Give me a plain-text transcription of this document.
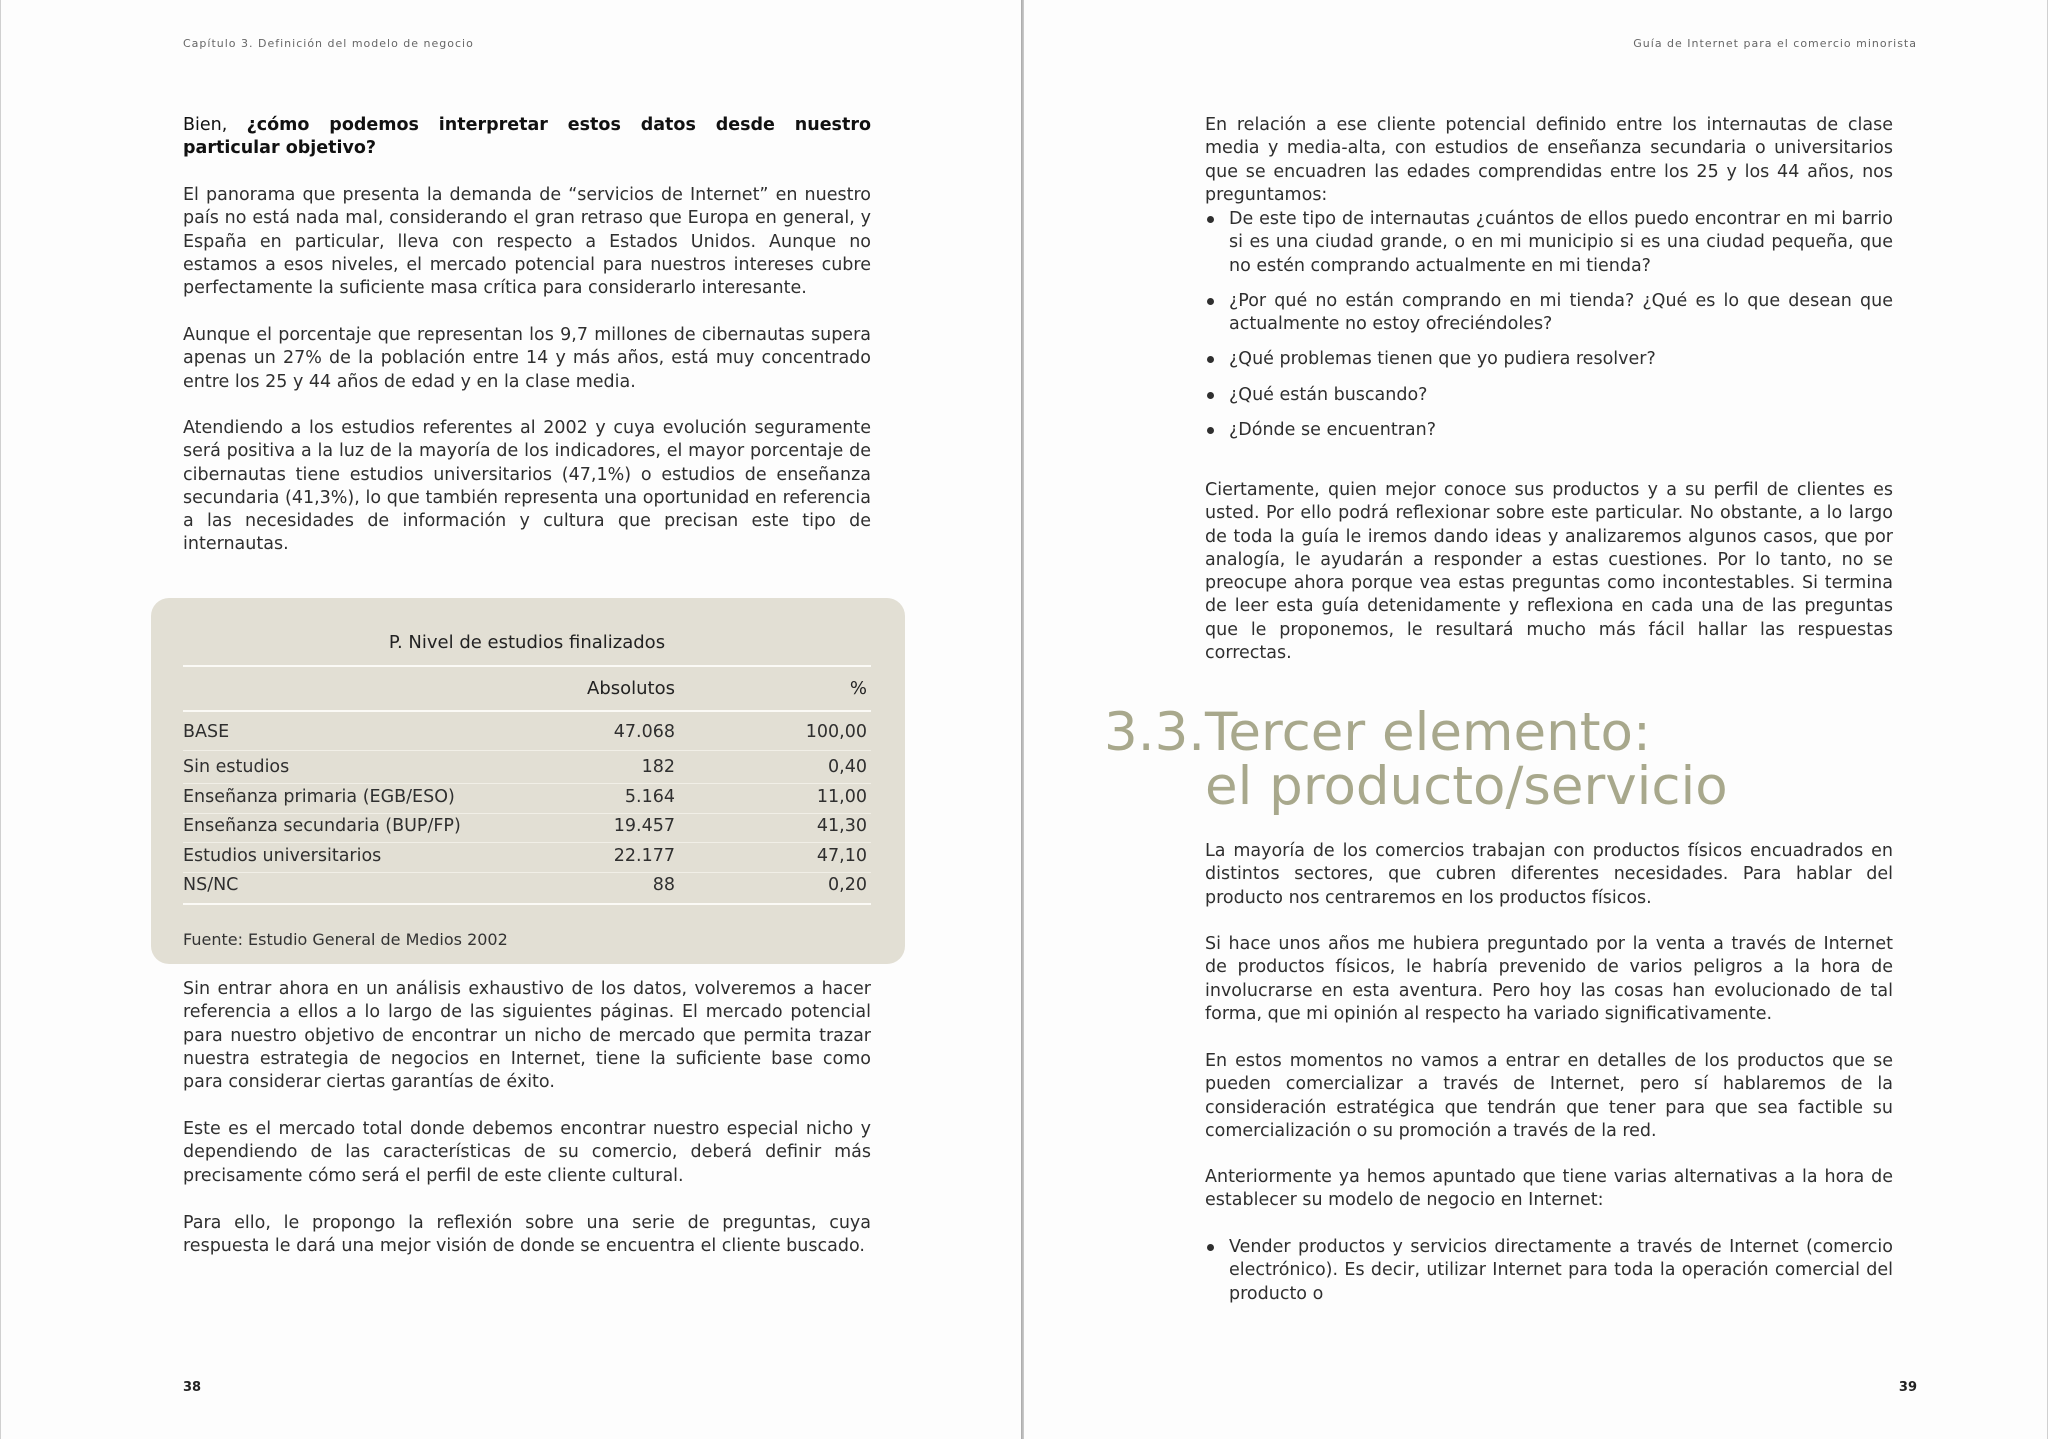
Capítulo 3. Definición del modelo de negocio

Bien, ¿cómo podemos interpretar estos datos desde nuestro particular objetivo?

El panorama que presenta la demanda de “servicios de Internet” en nuestro país no está nada mal, considerando el gran retraso que Europa en general, y España en particular, lleva con respecto a Estados Unidos. Aunque no estamos a esos niveles, el mercado potencial para nuestros intereses cubre perfectamente la suficiente masa crítica para considerarlo interesante.

Aunque el porcentaje que representan los 9,7 millones de cibernautas supera apenas un 27% de la población entre 14 y más años, está muy concentrado entre los 25 y 44 años de edad y en la clase media.

Atendiendo a los estudios referentes al 2002 y cuya evolución seguramente será positiva a la luz de la mayoría de los indicadores, el mayor porcentaje de cibernautas tiene estudios universitarios (47,1%) o estudios de enseñanza secundaria (41,3%), lo que también representa una oportunidad en referencia a las necesidades de información y cultura que precisan este tipo de internautas.

P. Nivel de estudios finalizados
Absolutos	%
BASE	47.068	100,00
Sin estudios	182	0,40
Enseñanza primaria (EGB/ESO)	5.164	11,00
Enseñanza secundaria (BUP/FP)	19.457	41,30
Estudios universitarios	22.177	47,10
NS/NC	88	0,20
Fuente: Estudio General de Medios 2002

Sin entrar ahora en un análisis exhaustivo de los datos, volveremos a hacer referencia a ellos a lo largo de las siguientes páginas. El mercado potencial para nuestro objetivo de encontrar un nicho de mercado que permita trazar nuestra estrategia de negocios en Internet, tiene la suficiente base como para considerar ciertas garantías de éxito.

Este es el mercado total donde debemos encontrar nuestro especial nicho y dependiendo de las características de su comercio, deberá definir más precisamente cómo será el perfil de este cliente cultural.

Para ello, le propongo la reflexión sobre una serie de preguntas, cuya respuesta le dará una mejor visión de donde se encuentra el cliente buscado.

38
Guía de Internet para el comercio minorista

En relación a ese cliente potencial definido entre los internautas de clase media y media-alta, con estudios de enseñanza secundaria o universitarios que se encuadren las edades comprendidas entre los 25 y los 44 años, nos preguntamos:

De este tipo de internautas ¿cuántos de ellos puedo encontrar en mi barrio si es una ciudad grande, o en mi municipio si es una ciudad pequeña, que no estén comprando actualmente en mi tienda?
¿Por qué no están comprando en mi tienda? ¿Qué es lo que desean que actualmente no estoy ofreciéndoles?
¿Qué problemas tienen que yo pudiera resolver?
¿Qué están buscando?
¿Dónde se encuentran?

Ciertamente, quien mejor conoce sus productos y a su perfil de clientes es usted. Por ello podrá reflexionar sobre este particular. No obstante, a lo largo de toda la guía le iremos dando ideas y analizaremos algunos casos, que por analogía, le ayudarán a responder a estas cuestiones. Por lo tanto, no se preocupe ahora porque vea estas preguntas como incontestables. Si termina de leer esta guía detenidamente y reflexiona en cada una de las preguntas que le proponemos, le resultará mucho más fácil hallar las respuestas correctas.

3.3. Tercer elemento:
el producto/servicio

La mayoría de los comercios trabajan con productos físicos encuadrados en distintos sectores, que cubren diferentes necesidades. Para hablar del producto nos centraremos en los productos físicos.

Si hace unos años me hubiera preguntado por la venta a través de Internet de productos físicos, le habría prevenido de varios peligros a la hora de involucrarse en esta aventura. Pero hoy las cosas han evolucionado de tal forma, que mi opinión al respecto ha variado significativamente.

En estos momentos no vamos a entrar en detalles de los productos que se pueden comercializar a través de Internet, pero sí hablaremos de la consideración estratégica que tendrán que tener para que sea factible su comercialización o su promoción a través de la red.

Anteriormente ya hemos apuntado que tiene varias alternativas a la hora de establecer su modelo de negocio en Internet:

Vender productos y servicios directamente a través de Internet (comercio electrónico). Es decir, utilizar Internet para toda la operación comercial del producto o
39
